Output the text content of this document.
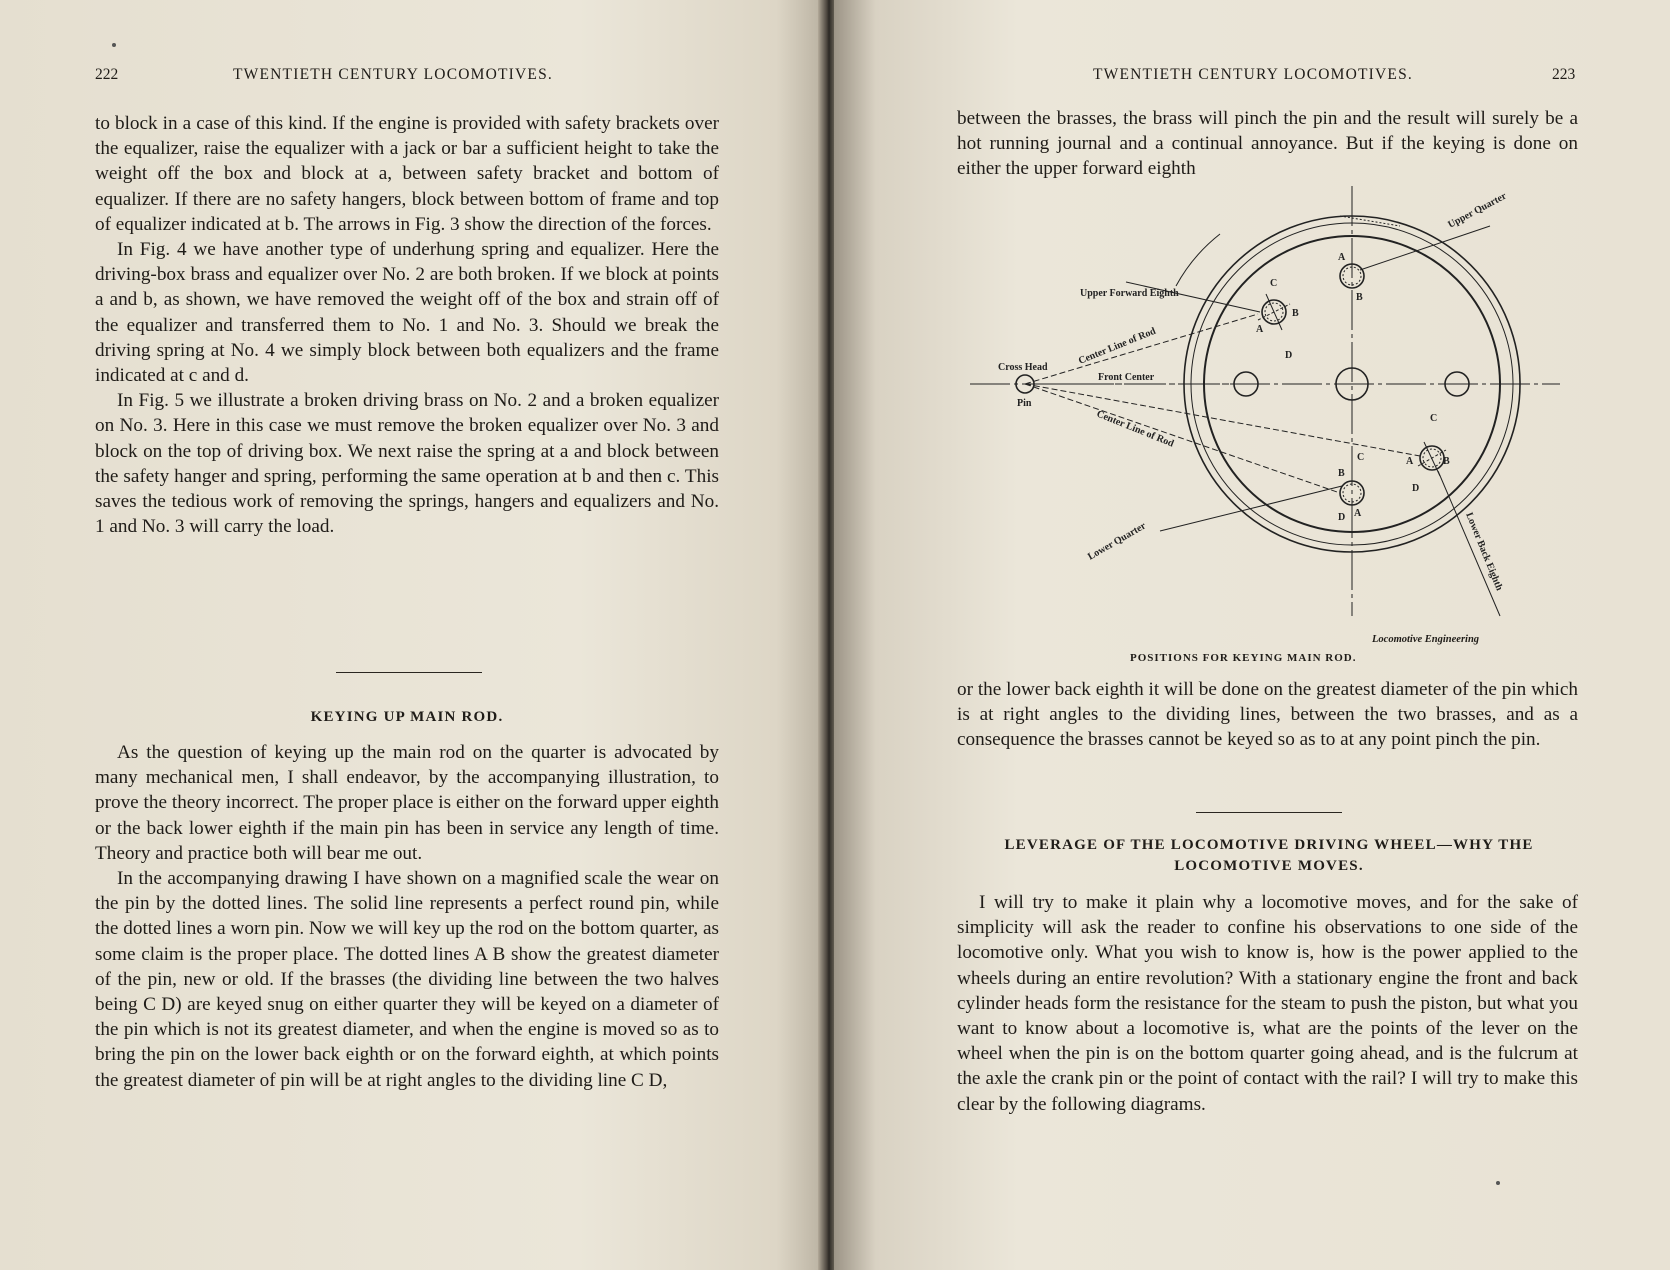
222	TWENTIETH CENTURY LOCOMOTIVES.

to block in a case of this kind. If the engine is provided with safety brackets over the equalizer, raise the equalizer with a jack or bar a sufficient height to take the weight off the box and block at a, between safety bracket and bottom of equalizer. If there are no safety hangers, block between bottom of frame and top of equalizer indicated at b. The arrows in Fig. 3 show the direction of the forces.

In Fig. 4 we have another type of underhung spring and equalizer. Here the driving-box brass and equalizer over No. 2 are both broken. If we block at points a and b, as shown, we have removed the weight off of the box and strain off of the equalizer and transferred them to No. 1 and No. 3. Should we break the driving spring at No. 4 we simply block between both equalizers and the frame indicated at c and d.

In Fig. 5 we illustrate a broken driving brass on No. 2 and a broken equalizer on No. 3. Here in this case we must remove the broken equalizer over No. 3 and block on the top of driving box. We next raise the spring at a and block between the safety hanger and spring, performing the same operation at b and then c. This saves the tedious work of removing the springs, hangers and equalizers and No. 1 and No. 3 will carry the load.

KEYING UP MAIN ROD.

As the question of keying up the main rod on the quarter is advocated by many mechanical men, I shall endeavor, by the accompanying illustration, to prove the theory incorrect. The proper place is either on the forward upper eighth or the back lower eighth if the main pin has been in service any length of time. Theory and practice both will bear me out.

In the accompanying drawing I have shown on a magnified scale the wear on the pin by the dotted lines. The solid line represents a perfect round pin, while the dotted lines a worn pin. Now we will key up the rod on the bottom quarter, as some claim is the proper place. The dotted lines A B show the greatest diameter of the pin, new or old. If the brasses (the dividing line between the two halves being C D) are keyed snug on either quarter they will be keyed on a diameter of the pin which is not its greatest diameter, and when the engine is moved so as to bring the pin on the lower back eighth or on the forward eighth, at which points the greatest diameter of pin will be at right angles to the dividing line C D,

TWENTIETH CENTURY LOCOMOTIVES.	223

between the brasses, the brass will pinch the pin and the result will surely be a hot running journal and a continual annoyance. But if the keying is done on either the upper forward eighth

Upper Forward Eighth
Upper Quarter
Center Line of Rod
Cross Head
Front Center
Pin
Center Line of Rod
Lower Quarter	Lower Back Eighth
A
B
C
B
A
D
C
B
A
D
C
B
D A
Locomotive Engineering
POSITIONS FOR KEYING MAIN ROD.

or the lower back eighth it will be done on the greatest diameter of the pin which is at right angles to the dividing lines, between the two brasses, and as a consequence the brasses cannot be keyed so as to at any point pinch the pin.

LEVERAGE OF THE LOCOMOTIVE DRIVING WHEEL—WHY THE
LOCOMOTIVE MOVES.

I will try to make it plain why a locomotive moves, and for the sake of simplicity will ask the reader to confine his observations to one side of the locomotive only. What you wish to know is, how is the power applied to the wheels during an entire revolution? With a stationary engine the front and back cylinder heads form the resistance for the steam to push the piston, but what you want to know about a locomotive is, what are the points of the lever on the wheel when the pin is on the bottom quarter going ahead, and is the fulcrum at the axle the crank pin or the point of contact with the rail? I will try to make this clear by the following diagrams.
